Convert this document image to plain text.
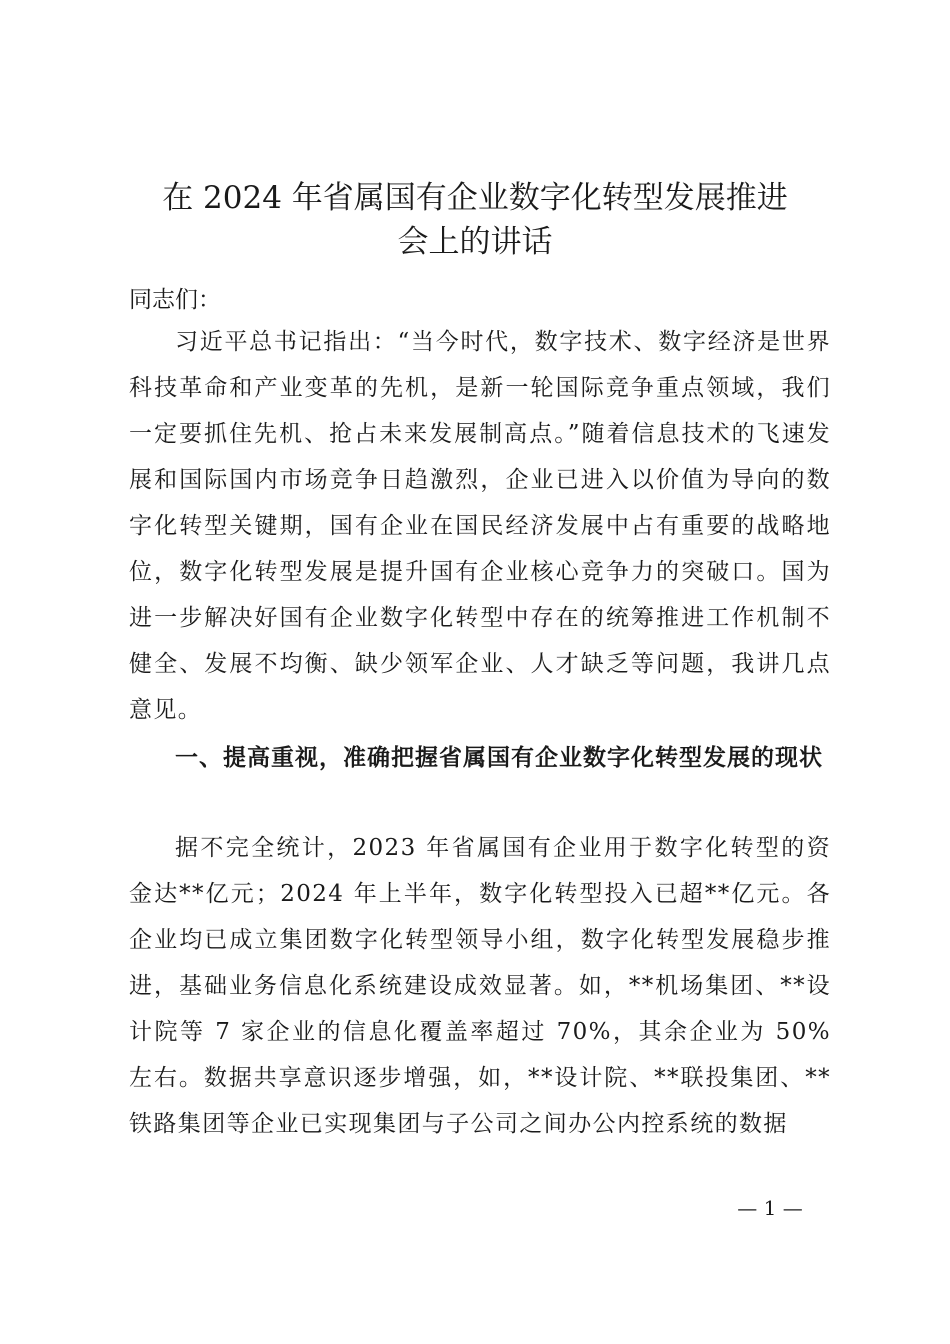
在 2024 年省属国有企业数字化转型发展推进
会上的讲话

同志们：

习近平总书记指出：“当今时代，数字技术、数字经济是世界科技革命和产业变革的先机，是新一轮国际竞争重点领域，我们一定要抓住先机、抢占未来发展制高点。”随着信息技术的飞速发展和国际国内市场竞争日趋激烈，企业已进入以价值为导向的数字化转型关键期，国有企业在国民经济发展中占有重要的战略地位，数字化转型发展是提升国有企业核心竞争力的突破口。国为进一步解决好国有企业数字化转型中存在的统筹推进工作机制不健全、发展不均衡、缺少领军企业、人才缺乏等问题，我讲几点意见。

一、提高重视，准确把握省属国有企业数字化转型发展的现状

据不完全统计，2023 年省属国有企业用于数字化转型的资金达**亿元；2024 年上半年，数字化转型投入已超**亿元。各企业均已成立集团数字化转型领导小组，数字化转型发展稳步推进，基础业务信息化系统建设成效显著。如，**机场集团、**设计院等 7 家企业的信息化覆盖率超过 70%，其余企业为 50% 左右。数据共享意识逐步增强，如，**设计院、**联投集团、**铁路集团等企业已实现集团与子公司之间办公内控系统的数据

— 1 —
